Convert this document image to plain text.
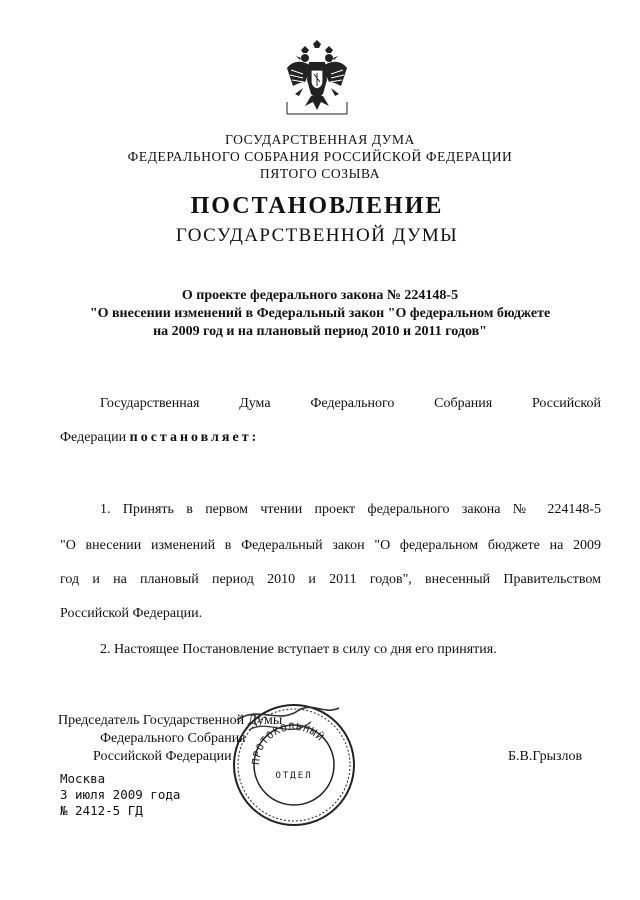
ГОСУДАРСТВЕННАЯ ДУМА
ФЕДЕРАЛЬНОГО СОБРАНИЯ РОССИЙСКОЙ ФЕДЕРАЦИИ
ПЯТОГО СОЗЫВА
ПОСТАНОВЛЕНИЕ
ГОСУДАРСТВЕННОЙ ДУМЫ
О проекте федерального закона № 224148-5
"О внесении изменений в Федеральный закон "О федеральном бюджете
на 2009 год и на плановый период 2010 и 2011 годов"
Государственная Дума Федерального Собрания Российской
Федерации постановляет:
1. Принять в первом чтении проект федерального закона № 224148-5
"О внесении изменений в Федеральный закон "О федеральном бюджете на 2009
год и на плановый период 2010 и 2011 годов", внесенный Правительством
Российской Федерации.
2. Настоящее Постановление вступает в силу со дня его принятия.
Председатель Государственной Думы
Федерального Собрания
Российской Федерации	Б.В.Грызлов
ПРОТОКОЛЬНЫЙ
ОТДЕЛ
Москва
3 июля 2009 года
№ 2412-5 ГД
